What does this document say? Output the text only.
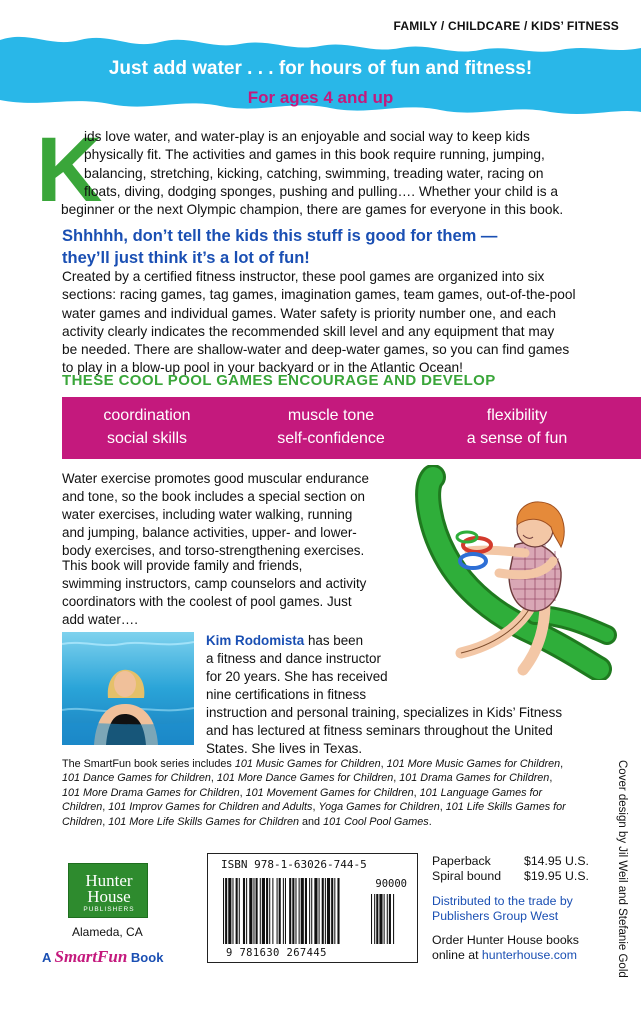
FAMILY / CHILDCARE / KIDS’ FITNESS
Just add water . . . for hours of fun and fitness!
For ages 4 and up
K
ids love water, and water-play is an enjoyable and social way to keep kids
physically fit. The activities and games in this book require running, jumping,
balancing, stretching, kicking, catching, swimming, treading water, racing on
floats, diving, dodging sponges, pushing and pulling…. Whether your child is a
beginner or the next Olympic champion, there are games for everyone in this book.
Shhhhh, don’t tell the kids this stuff is good for them —
they’ll just think it’s a lot of fun!
Created by a certified fitness instructor, these pool games are organized into six
sections: racing games, tag games, imagination games, team games, out-of-the-pool
water games and individual games. Water safety is priority number one, and each
activity clearly indicates the recommended skill level and any equipment that may
be needed. There are shallow-water and deep-water games, so you can find games
to play in a blow-up pool in your backyard or in the Atlantic Ocean!
THESE COOL POOL GAMES ENCOURAGE AND DEVELOP
coordination	muscle tone	flexibility
social skills	self-confidence	a sense of fun
Water exercise promotes good muscular endurance
and tone, so the book includes a special section on
water exercises, including water walking, running
and jumping, balance activities, upper- and lower-
body exercises, and torso-strengthening exercises.
This book will provide family and friends,
swimming instructors, camp counselors and activity
coordinators with the coolest of pool games. Just
add water….
Kim Rodomista has been
a fitness and dance instructor
for 20 years. She has received
nine certifications in fitness
instruction and personal training, specializes in Kids’ Fitness
and has lectured at fitness seminars throughout the United
States. She lives in Texas.
The SmartFun book series includes 101 Music Games for Children, 101 More Music Games for Children,
101 Dance Games for Children, 101 More Dance Games for Children, 101 Drama Games for Children,
101 More Drama Games for Children, 101 Movement Games for Children, 101 Language Games for
Children, 101 Improv Games for Children and Adults, Yoga Games for Children, 101 Life Skills Games for
Children, 101 More Life Skills Games for Children and 101 Cool Pool Games.	Cover design by Jil Weil and Stefanie Gold
Hunter
House
PUBLISHERS
Alameda, CA
A SmartFun Book
ISBN 978-1-63026-744-5
90000
9 781630 267445
Paperback	$14.95 U.S.
Spiral bound	$19.95 U.S.
Distributed to the trade by
Publishers Group West
Order Hunter House books
online at hunterhouse.com
